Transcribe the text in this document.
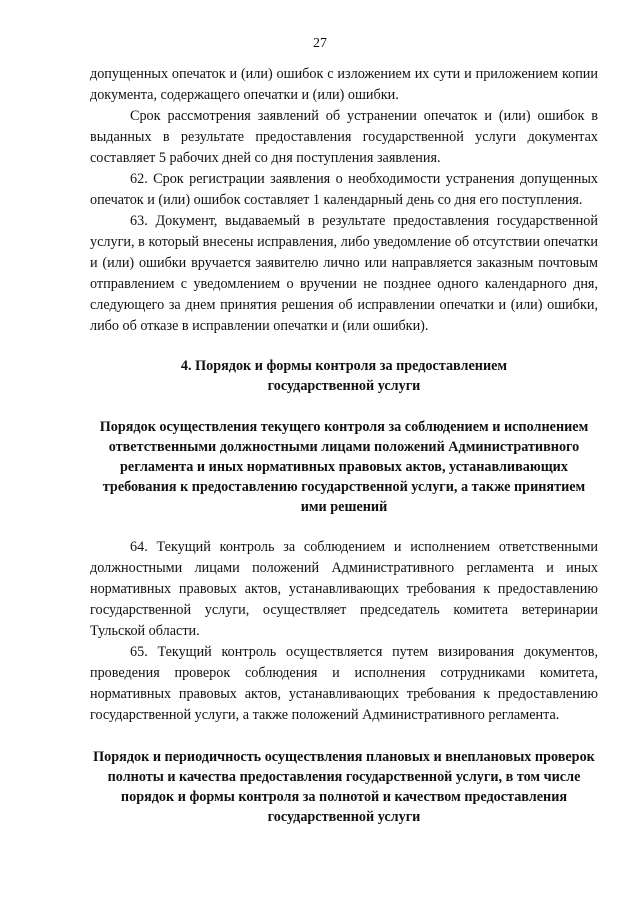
27

допущенных опечаток и (или) ошибок с изложением их сути и приложением копии документа, содержащего опечатки и (или) ошибки.

Срок рассмотрения заявлений об устранении опечаток и (или) ошибок в выданных в результате предоставления государственной услуги документах составляет 5 рабочих дней со дня поступления заявления.

62. Срок регистрации заявления о необходимости устранения допущенных опечаток и (или) ошибок составляет 1 календарный день со дня его поступления.

63. Документ, выдаваемый в результате предоставления государственной услуги, в который внесены исправления, либо уведомление об отсутствии опечатки и (или) ошибки вручается заявителю лично или направляется заказным почтовым отправлением с уведомлением о вручении не позднее одного календарного дня, следующего за днем принятия решения об исправлении опечатки и (или) ошибки, либо об отказе в исправлении опечатки и (или ошибки).

4. Порядок и формы контроля за предоставлением государственной услуги

Порядок осуществления текущего контроля за соблюдением и исполнением ответственными должностными лицами положений Административного регламента и иных нормативных правовых актов, устанавливающих требования к предоставлению государственной услуги, а также принятием ими решений

64. Текущий контроль за соблюдением и исполнением ответственными должностными лицами положений Административного регламента и иных нормативных правовых актов, устанавливающих требования к предоставлению государственной услуги, осуществляет председатель комитета ветеринарии Тульской области.

65. Текущий контроль осуществляется путем визирования документов, проведения проверок соблюдения и исполнения сотрудниками комитета, нормативных правовых актов, устанавливающих требования к предоставлению государственной услуги, а также положений Административного регламента.

Порядок и периодичность осуществления плановых и внеплановых проверок полноты и качества предоставления государственной услуги, в том числе порядок и формы контроля за полнотой и качеством предоставления государственной услуги
